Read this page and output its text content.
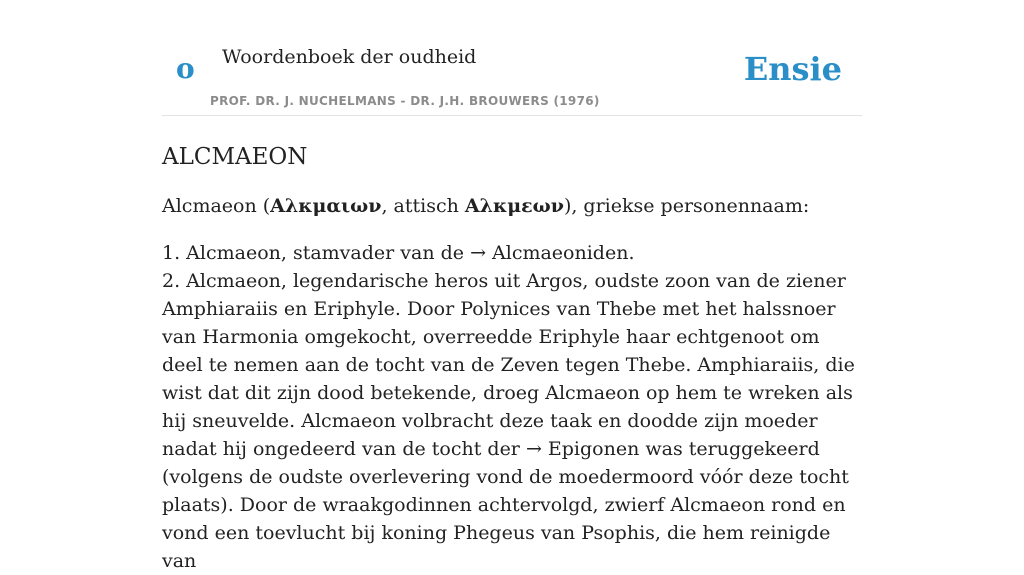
o Woordenboek der oudheid
PROF. DR. J. NUCHELMANS - DR. J.H. BROUWERS (1976)
Ensie
ALCMAEON

Alcmaeon (Αλκμαιων, attisch Αλκμεων), griekse personennaam:

1. Alcmaeon, stamvader van de → Alcmaeoniden.
2. Alcmaeon, legendarische heros uit Argos, oudste zoon van de ziener Amphiaraiis en Eriphyle. Door Polynices van Thebe met het halssnoer van Harmonia omgekocht, overreedde Eriphyle haar echtgenoot om deel te nemen aan de tocht van de Zeven tegen Thebe. Amphiaraiis, die wist dat dit zijn dood betekende, droeg Alcmaeon op hem te wreken als hij sneuvelde. Alcmaeon volbracht deze taak en doodde zijn moeder nadat hij ongedeerd van de tocht der → Epigonen was teruggekeerd (volgens de oudste overlevering vond de moedermoord vóór deze tocht plaats). Door de wraakgodinnen achtervolgd, zwierf Alcmaeon rond en vond een toevlucht bij koning Phegeus van Psophis, die hem reinigde van
